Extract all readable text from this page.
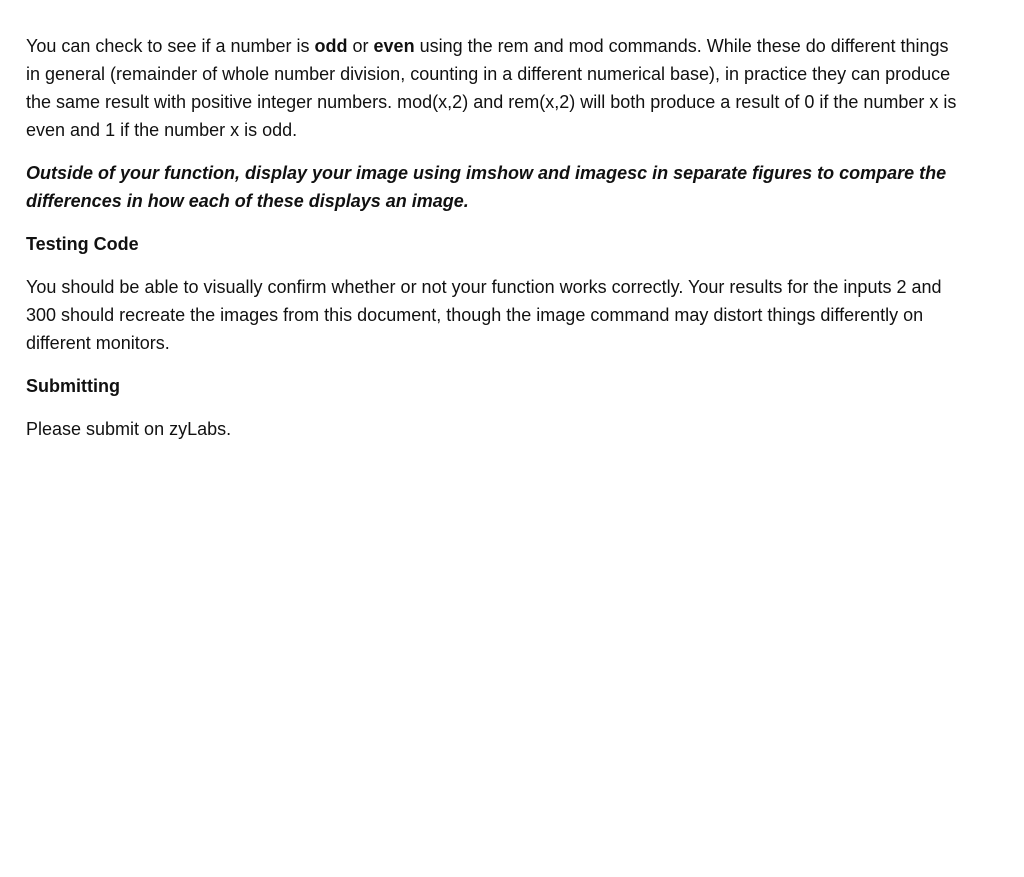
You can check to see if a number is odd or even using the rem and mod commands. While these do different things in general (remainder of whole number division, counting in a different numerical base), in practice they can produce the same result with positive integer numbers. mod(x,2) and rem(x,2) will both produce a result of 0 if the number x is even and 1 if the number x is odd.

Outside of your function, display your image using imshow and imagesc in separate figures to compare the differences in how each of these displays an image.

Testing Code

You should be able to visually confirm whether or not your function works correctly. Your results for the inputs 2 and 300 should recreate the images from this document, though the image command may distort things differently on different monitors.

Submitting

Please submit on zyLabs.
